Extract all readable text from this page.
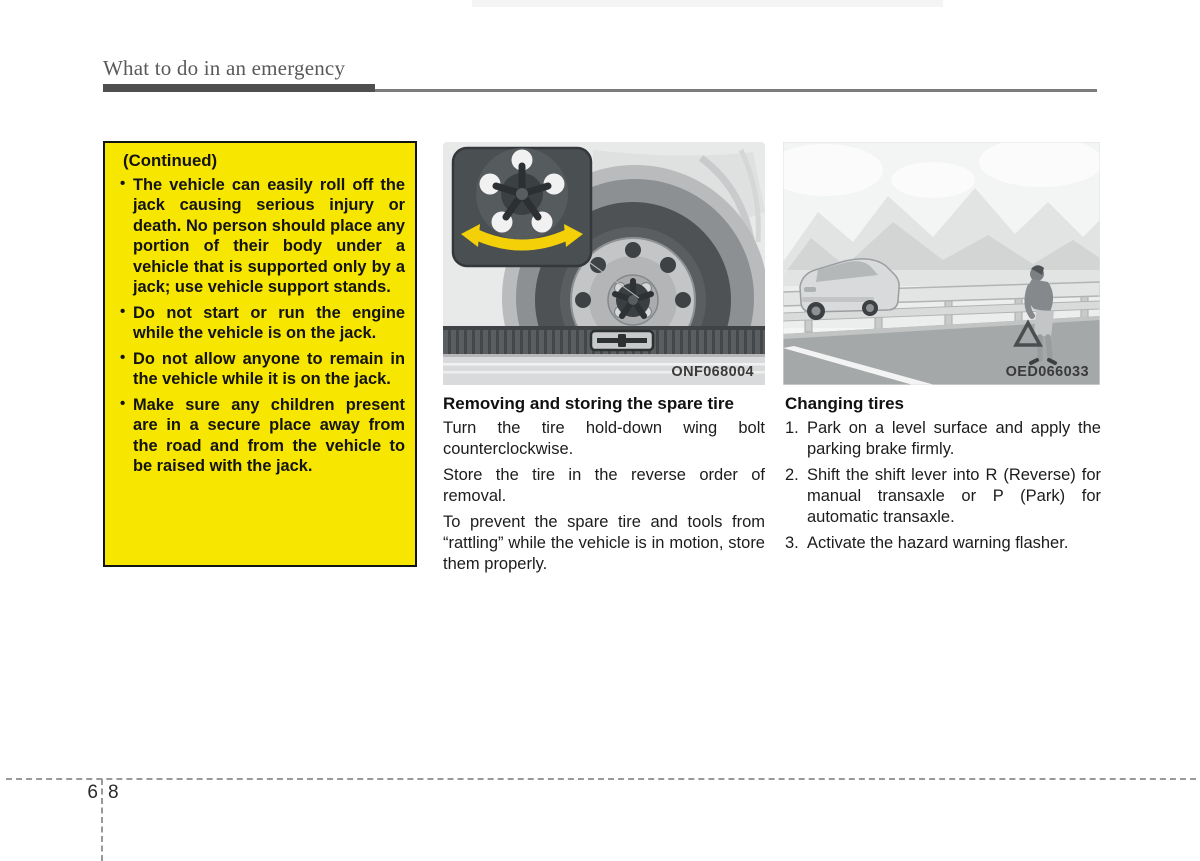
What to do in an emergency
(Continued)
• The vehicle can easily roll off the jack causing serious injury or death. No person should place any portion of their body under a vehicle that is supported only by a jack; use vehicle support stands.
• Do not start or run the engine while the vehicle is on the jack.
• Do not allow anyone to remain in the vehicle while it is on the jack.
• Make sure any children present are in a secure place away from the road and from the vehicle to be raised with the jack.
ONF068004	OED066033
Removing and storing the spare tire

Turn the tire hold-down wing bolt counterclockwise.

Store the tire in the reverse order of removal.

To prevent the spare tire and tools from “rattling” while the vehicle is in motion, store them properly.

Changing tires
1. Park on a level surface and apply the parking brake firmly.
2. Shift the shift lever into R (Reverse) for manual transaxle or P (Park) for automatic transaxle.
3. Activate the hazard warning flasher.
6 8
